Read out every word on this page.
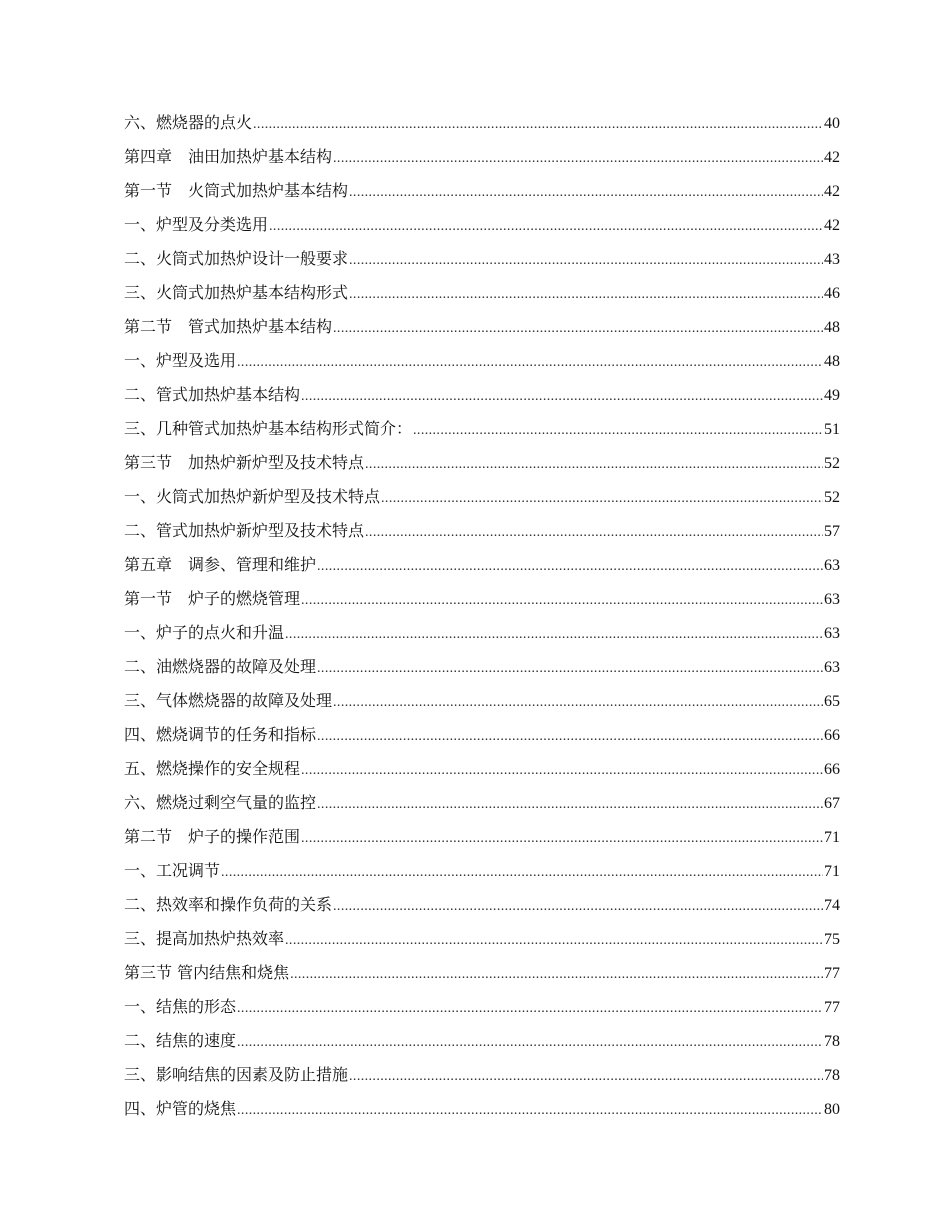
六、燃烧器的点火 .....	40
第四章　油田加热炉基本结构 .....	42
第一节　火筒式加热炉基本结构 .....	42
一、炉型及分类选用 .....	42
二、火筒式加热炉设计一般要求 .....	43
三、火筒式加热炉基本结构形式 .....	46
第二节　管式加热炉基本结构 .....	48
一、炉型及选用 .....	48
二、管式加热炉基本结构 .....	49
三、几种管式加热炉基本结构形式简介： .....	51
第三节　加热炉新炉型及技术特点 .....	52
一、火筒式加热炉新炉型及技术特点 .....	52
二、管式加热炉新炉型及技术特点 .....	57
第五章　调参、管理和维护 .....	63
第一节　炉子的燃烧管理 .....	63
一、炉子的点火和升温 .....	63
二、油燃烧器的故障及处理 .....	63
三、气体燃烧器的故障及处理 .....	65
四、燃烧调节的任务和指标 .....	66
五、燃烧操作的安全规程 .....	66
六、燃烧过剩空气量的监控 .....	67
第二节　炉子的操作范围 .....	71
一、工况调节 .....	71
二、热效率和操作负荷的关系 .....	74
三、提高加热炉热效率 .....	75
第三节 管内结焦和烧焦 .....	77
一、结焦的形态 .....	77
二、结焦的速度 .....	78
三、影响结焦的因素及防止措施 .....	78
四、炉管的烧焦 .....	80
